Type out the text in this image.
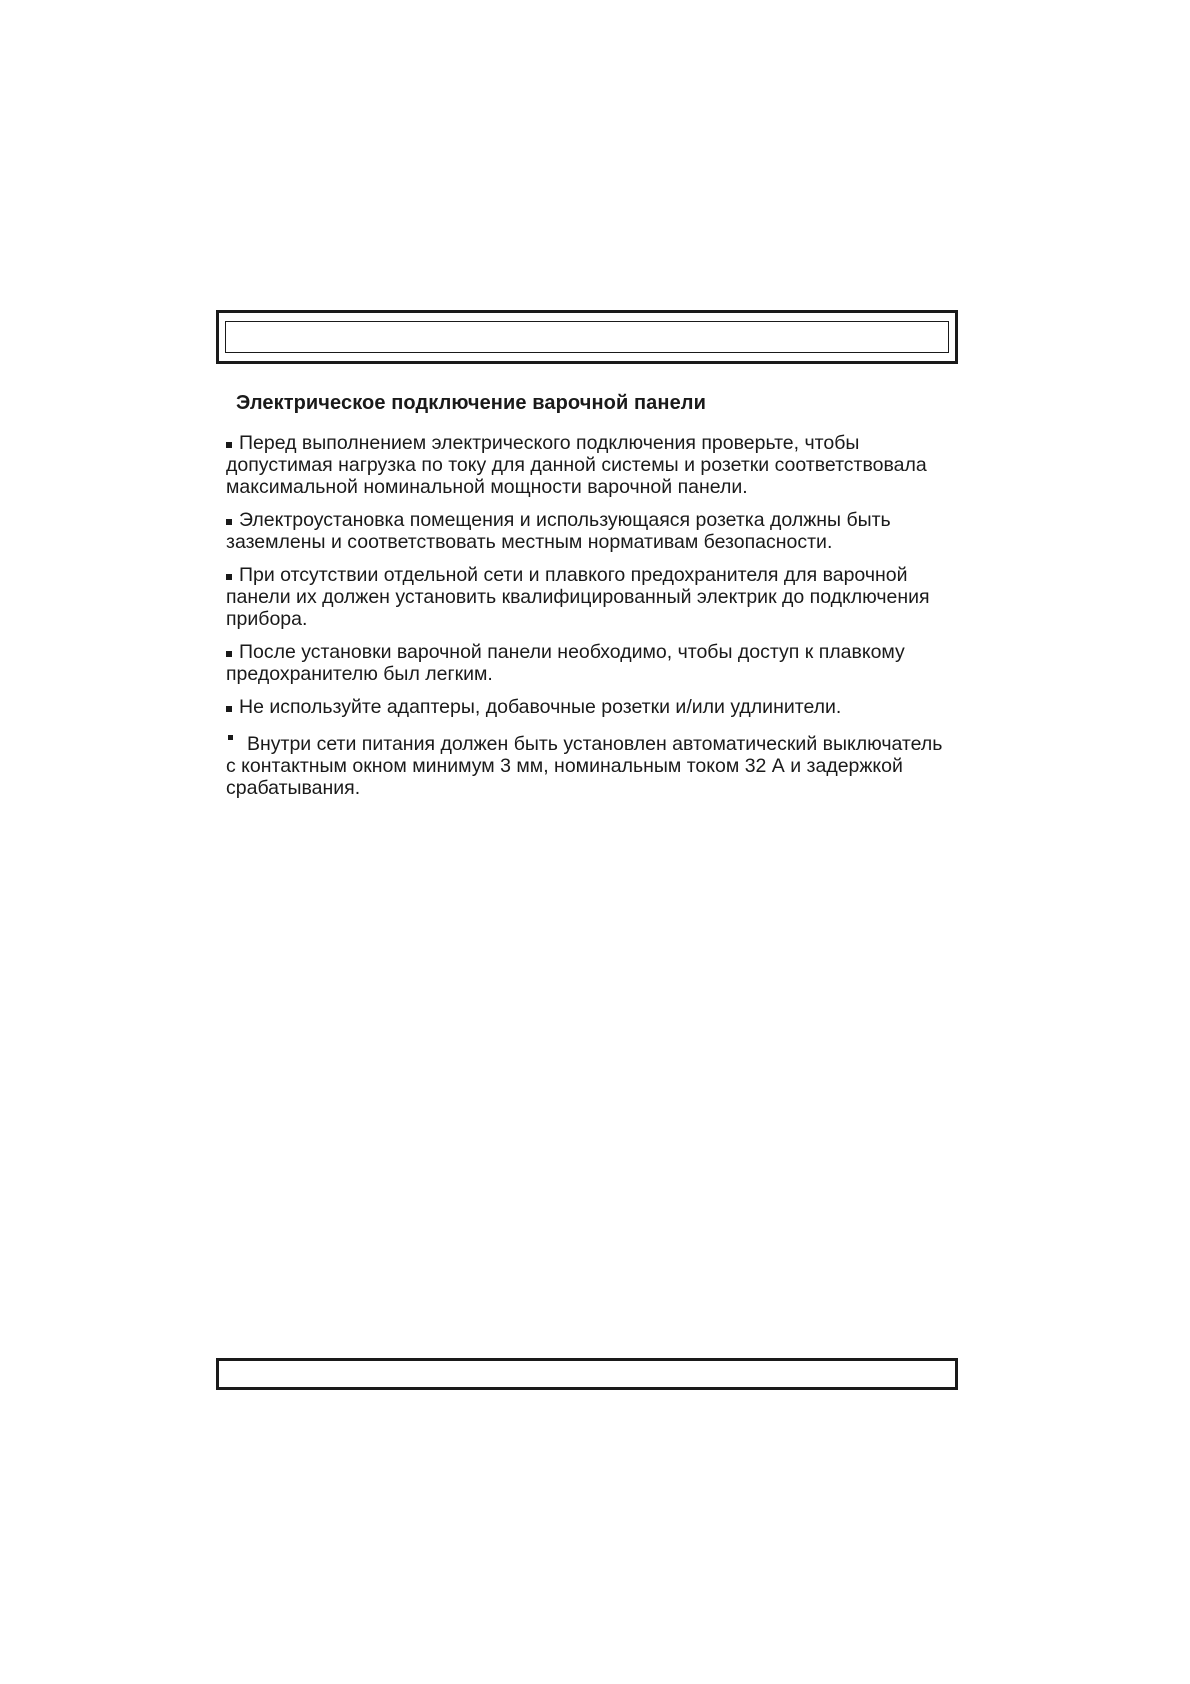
Электрическое подключение варочной панели
Перед выполнением электрического подключения проверьте, чтобы допустимая нагрузка по току для данной системы и розетки соответствовала максимальной номинальной мощности варочной панели.
Электроустановка помещения и использующаяся розетка должны быть заземлены и соответствовать местным нормативам безопасности.
При отсутствии отдельной сети и плавкого предохранителя для варочной панели их должен установить квалифицированный электрик до подключения прибора.
После установки варочной панели необходимо, чтобы доступ к плавкому предохранителю был легким.
Не используйте адаптеры, добавочные розетки и/или удлинители.
Внутри сети питания должен быть установлен автоматический выключатель с контактным окном минимум 3 мм, номинальным током 32 А и задержкой срабатывания.
